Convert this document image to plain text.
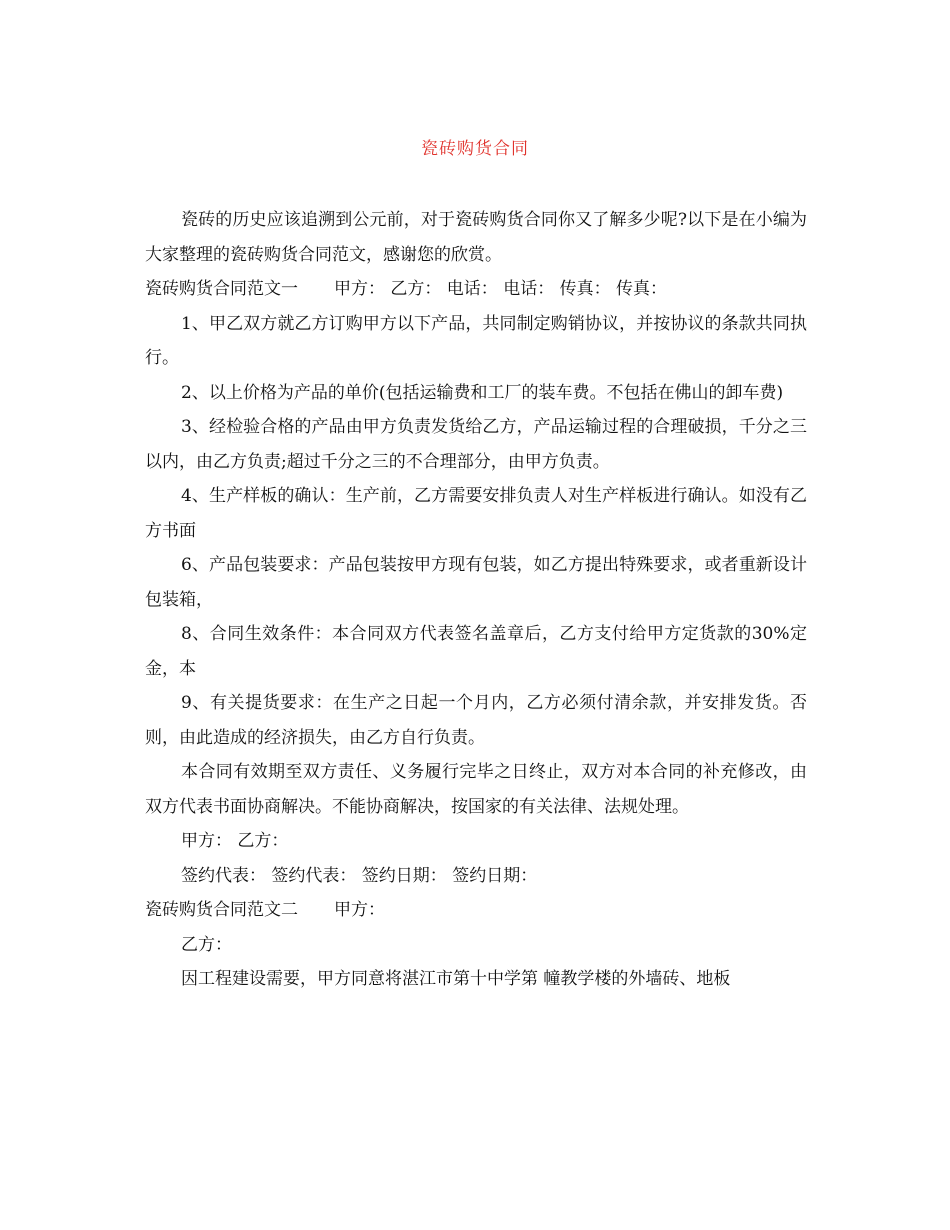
瓷砖购货合同

瓷砖的历史应该追溯到公元前，对于瓷砖购货合同你又了解多少呢?以下是在小编为大家整理的瓷砖购货合同范文，感谢您的欣赏。

瓷砖购货合同范文一 甲方： 乙方： 电话： 电话： 传真： 传真：

1、甲乙双方就乙方订购甲方以下产品，共同制定购销协议，并按协议的条款共同执行。

2、以上价格为产品的单价(包括运输费和工厂的装车费。不包括在佛山的卸车费)

3、经检验合格的产品由甲方负责发货给乙方，产品运输过程的合理破损，千分之三以内，由乙方负责;超过千分之三的不合理部分，由甲方负责。

4、生产样板的确认：生产前，乙方需要安排负责人对生产样板进行确认。如没有乙方书面

6、产品包装要求：产品包装按甲方现有包装，如乙方提出特殊要求，或者重新设计包装箱，

8、合同生效条件：本合同双方代表签名盖章后，乙方支付给甲方定货款的30%定金，本

9、有关提货要求：在生产之日起一个月内，乙方必须付清余款，并安排发货。否则，由此造成的经济损失，由乙方自行负责。

本合同有效期至双方责任、义务履行完毕之日终止，双方对本合同的补充修改，由双方代表书面协商解决。不能协商解决，按国家的有关法律、法规处理。

甲方： 乙方：

签约代表： 签约代表： 签约日期： 签约日期：

瓷砖购货合同范文二 甲方：

乙方：

因工程建设需要，甲方同意将湛江市第十中学第 幢教学楼的外墙砖、地板
